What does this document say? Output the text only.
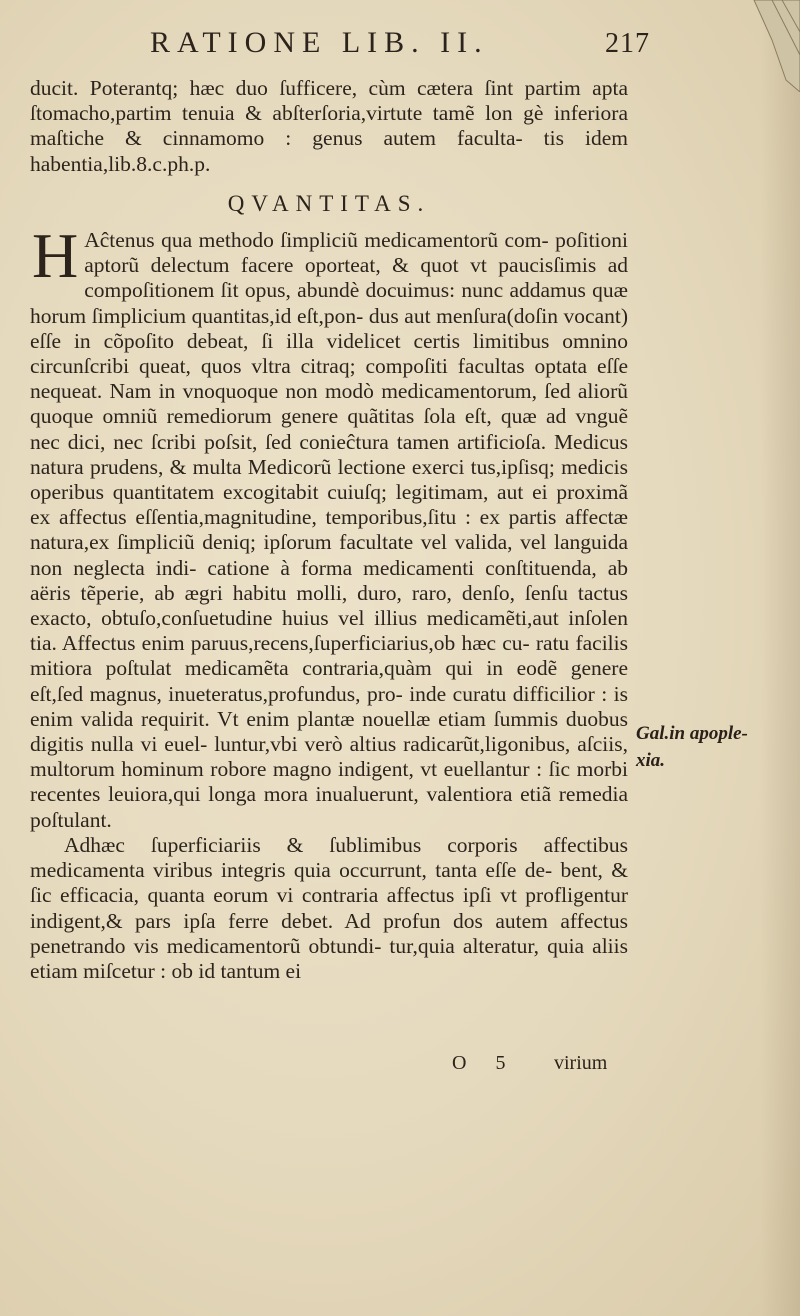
RATIONE LIB. II.	217

ducit. Poterantq; hæc duo ſufficere, cùm cætera ſint partim apta ſtomacho,partim tenuia & abſterſoria,virtute tamẽ lon gè inferiora maſtiche & cinnamomo : genus autem faculta- tis idem habentia,lib.8.c.ph.p.

QVANTITAS.

H Aĉtenus qua methodo ſimpliciũ medicamentorũ com- poſitioni aptorũ delectum facere oporteat, & quot vt paucisſimis ad compoſitionem ſit opus, abundè docuimus: nunc addamus quæ horum ſimplicium quantitas,id eſt,pon- dus aut menſura(doſin vocant) eſſe in cõpoſito debeat, ſi illa videlicet certis limitibus omnino circunſcribi queat, quos vltra citraq; compoſiti facultas optata eſſe nequeat. Nam in vnoquoque non modò medicamentorum, ſed aliorũ quoque omniũ remediorum genere quãtitas ſola eſt, quæ ad vnguẽ nec dici, nec ſcribi poſsit, ſed conieĉtura tamen artificioſa. Medicus natura prudens, & multa Medicorũ lectione exerci tus,ipſisq; medicis operibus quantitatem excogitabit cuiuſq; legitimam, aut ei proximã ex affectus eſſentia,magnitudine, temporibus,ſitu : ex partis affectæ natura,ex ſimpliciũ deniq; ipſorum facultate vel valida, vel languida non neglecta indi- catione à forma medicamenti conſtituenda, ab aëris tẽperie, ab ægri habitu molli, duro, raro, denſo, ſenſu tactus exacto, obtuſo,conſuetudine huius vel illius medicamẽti,aut inſolen tia. Affectus enim paruus,recens,ſuperficiarius,ob hæc cu- ratu facilis mitiora poſtulat medicamẽta contraria,quàm qui in eodẽ genere eſt,ſed magnus, inueteratus,profundus, pro- inde curatu difficilior : is enim valida requirit. Vt enim plantæ nouellæ etiam ſummis duobus digitis nulla vi euel- luntur,vbi verò altius radicarũt,ligonibus, aſciis, multorum hominum robore magno indigent, vt euellantur : ſic morbi recentes leuiora,qui longa mora inualuerunt, valentiora etiã remedia poſtulant.

Adhæc ſuperficiariis & ſublimibus corporis affectibus medicamenta viribus integris quia occurrunt, tanta eſſe de- bent, & ſic efficacia, quanta eorum vi contraria affectus ipſi vt profligentur indigent,& pars ipſa ferre debet. Ad profun dos autem affectus penetrando vis medicamentorũ obtundi- tur,quia alteratur, quia aliis etiam miſcetur : ob id tantum ei

Gal.in apople-
xia.
O 5 virium
